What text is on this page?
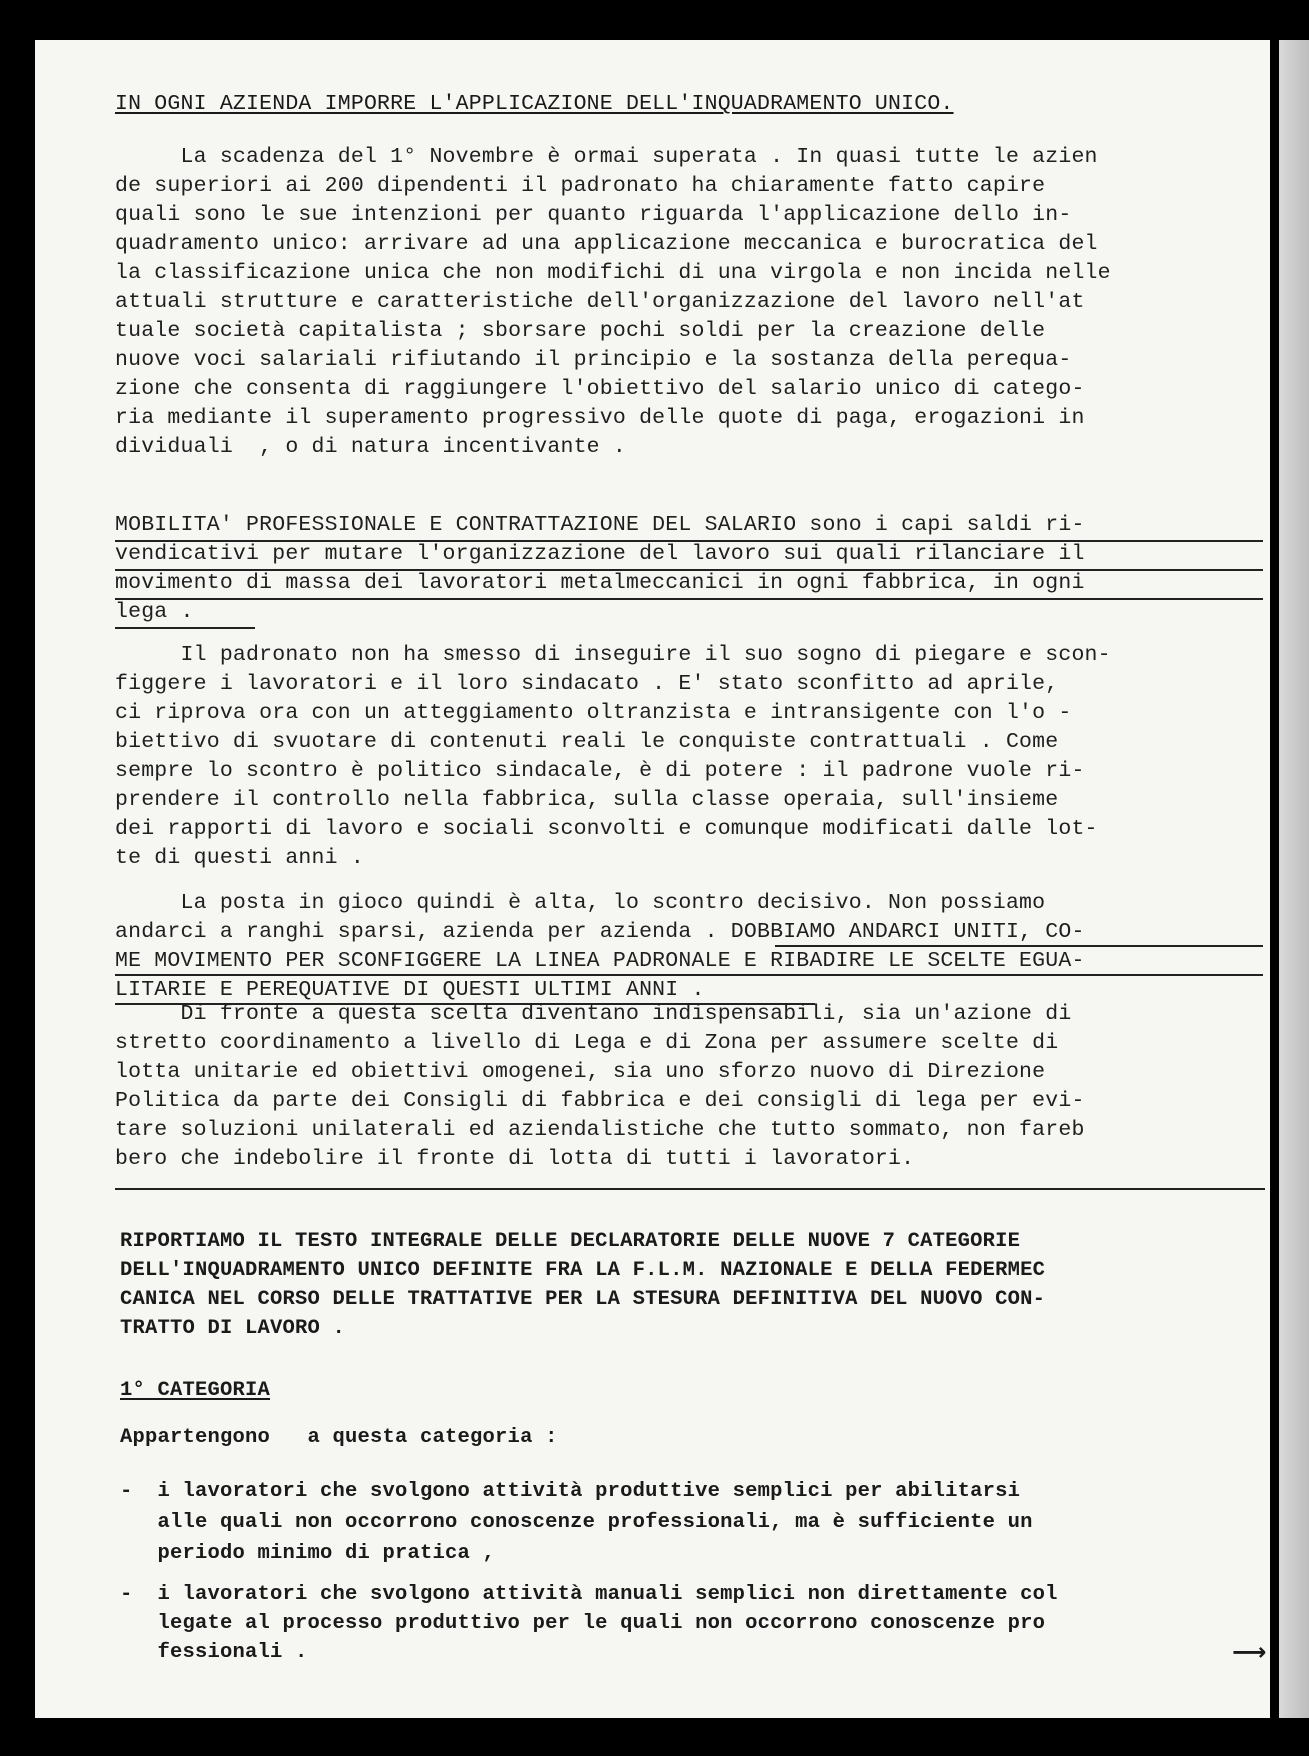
IN OGNI AZIENDA IMPORRE L'APPLICAZIONE DELL'INQUADRAMENTO UNICO.
La scadenza del 1° Novembre è ormai superata . In quasi tutte le azien
de superiori ai 200 dipendenti il padronato ha chiaramente fatto capire
quali sono le sue intenzioni per quanto riguarda l'applicazione dello in-
quadramento unico: arrivare ad una applicazione meccanica e burocratica del
la classificazione unica che non modifichi di una virgola e non incida nelle
attuali strutture e caratteristiche dell'organizzazione del lavoro nell'at
tuale società capitalista ; sborsare pochi soldi per la creazione delle
nuove voci salariali rifiutando il principio e la sostanza della perequa-
zione che consenta di raggiungere l'obiettivo del salario unico di catego-
ria mediante il superamento progressivo delle quote di paga, erogazioni in
dividuali  , o di natura incentivante .
MOBILITA' PROFESSIONALE E CONTRATTAZIONE DEL SALARIO sono i capi saldi ri-
vendicativi per mutare l'organizzazione del lavoro sui quali rilanciare il
movimento di massa dei lavoratori metalmeccanici in ogni fabbrica, in ogni
lega .
Il padronato non ha smesso di inseguire il suo sogno di piegare e scon-
figgere i lavoratori e il loro sindacato . E' stato sconfitto ad aprile,
ci riprova ora con un atteggiamento oltranzista e intransigente con l'o -
biettivo di svuotare di contenuti reali le conquiste contrattuali . Come
sempre lo scontro è politico sindacale, è di potere : il padrone vuole ri-
prendere il controllo nella fabbrica, sulla classe operaia, sull'insieme
dei rapporti di lavoro e sociali sconvolti e comunque modificati dalle lot-
te di questi anni .
La posta in gioco quindi è alta, lo scontro decisivo. Non possiamo
andarci a ranghi sparsi, azienda per azienda . DOBBIAMO ANDARCI UNITI, CO-
ME MOVIMENTO PER SCONFIGGERE LA LINEA PADRONALE E RIBADIRE LE SCELTE EGUA-
LITARIE E PEREQUATIVE DI QUESTI ULTIMI ANNI .
Di fronte a questa scelta diventano indispensabili, sia un'azione di
stretto coordinamento a livello di Lega e di Zona per assumere scelte di
lotta unitarie ed obiettivi omogenei, sia uno sforzo nuovo di Direzione
Politica da parte dei Consigli di fabbrica e dei consigli di lega per evi-
tare soluzioni unilaterali ed aziendalistiche che tutto sommato, non fareb
bero che indebolire il fronte di lotta di tutti i lavoratori.
RIPORTIAMO IL TESTO INTEGRALE DELLE DECLARATORIE DELLE NUOVE 7 CATEGORIE
DELL'INQUADRAMENTO UNICO DEFINITE FRA LA F.L.M. NAZIONALE E DELLA FEDERMEC
CANICA NEL CORSO DELLE TRATTATIVE PER LA STESURA DEFINITIVA DEL NUOVO CON-
TRATTO DI LAVORO .
1° CATEGORIA
Appartengono   a questa categoria :
-  i lavoratori che svolgono attività produttive semplici per abilitarsi
alle quali non occorrono conoscenze professionali, ma è sufficiente un
periodo minimo di pratica ,
-  i lavoratori che svolgono attività manuali semplici non direttamente col
legate al processo produttivo per le quali non occorrono conoscenze pro
fessionali .	⟶
